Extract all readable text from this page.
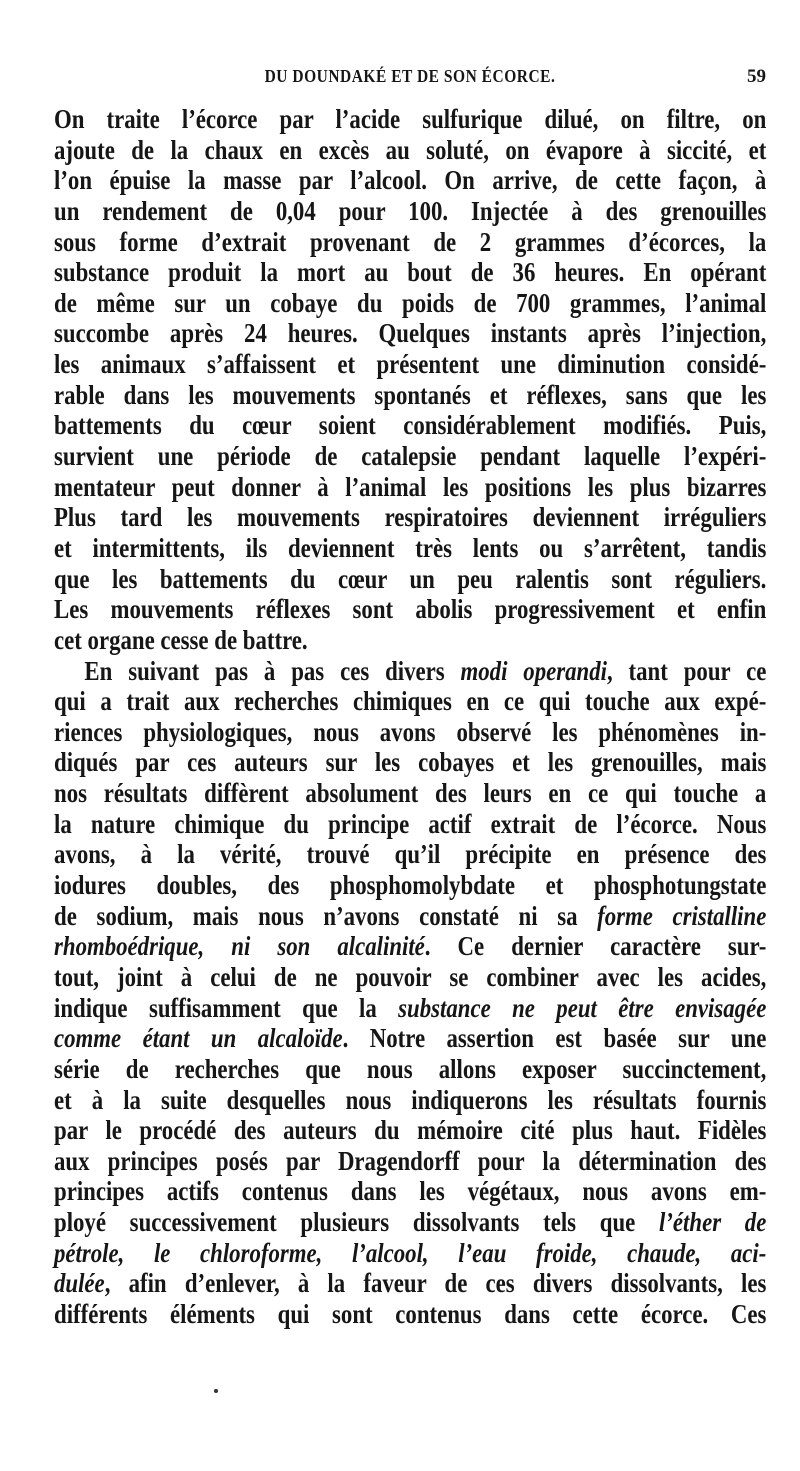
DU DOUNDAKÉ ET DE SON ÉCORCE.	59
On traite l’écorce par l’acide sulfurique dilué, on filtre, on
ajoute de la chaux en excès au soluté, on évapore à siccité, et
l’on épuise la masse par l’alcool. On arrive, de cette façon, à
un rendement de 0,04 pour 100. Injectée à des grenouilles
sous forme d’extrait provenant de 2 grammes d’écorces, la
substance produit la mort au bout de 36 heures. En opérant
de même sur un cobaye du poids de 700 grammes, l’animal
succombe après 24 heures. Quelques instants après l’injection,
les animaux s’affaissent et présentent une diminution considé-
rable dans les mouvements spontanés et réflexes, sans que les
battements du cœur soient considérablement modifiés. Puis,
survient une période de catalepsie pendant laquelle l’expéri-
mentateur peut donner à l’animal les positions les plus bizarres
Plus tard les mouvements respiratoires deviennent irréguliers
et intermittents, ils deviennent très lents ou s’arrêtent, tandis
que les battements du cœur un peu ralentis sont réguliers.
Les mouvements réflexes sont abolis progressivement et enfin
cet organe cesse de battre.
En suivant pas à pas ces divers modi operandi, tant pour ce
qui a trait aux recherches chimiques en ce qui touche aux expé-
riences physiologiques, nous avons observé les phénomènes in-
diqués par ces auteurs sur les cobayes et les grenouilles, mais
nos résultats diffèrent absolument des leurs en ce qui touche a
la nature chimique du principe actif extrait de l’écorce. Nous
avons, à la vérité, trouvé qu’il précipite en présence des
iodures doubles, des phosphomolybdate et phosphotungstate
de sodium, mais nous n’avons constaté ni sa forme cristalline
rhomboédrique, ni son alcalinité. Ce dernier caractère sur-
tout, joint à celui de ne pouvoir se combiner avec les acides,
indique suffisamment que la substance ne peut être envisagée
comme étant un alcaloïde. Notre assertion est basée sur une
série de recherches que nous allons exposer succinctement,
et à la suite desquelles nous indiquerons les résultats fournis
par le procédé des auteurs du mémoire cité plus haut. Fidèles
aux principes posés par Dragendorff pour la détermination des
principes actifs contenus dans les végétaux, nous avons em-
ployé successivement plusieurs dissolvants tels que l’éther de
pétrole, le chloroforme, l’alcool, l’eau froide, chaude, aci-
dulée, afin d’enlever, à la faveur de ces divers dissolvants, les
différents éléments qui sont contenus dans cette écorce. Ces
